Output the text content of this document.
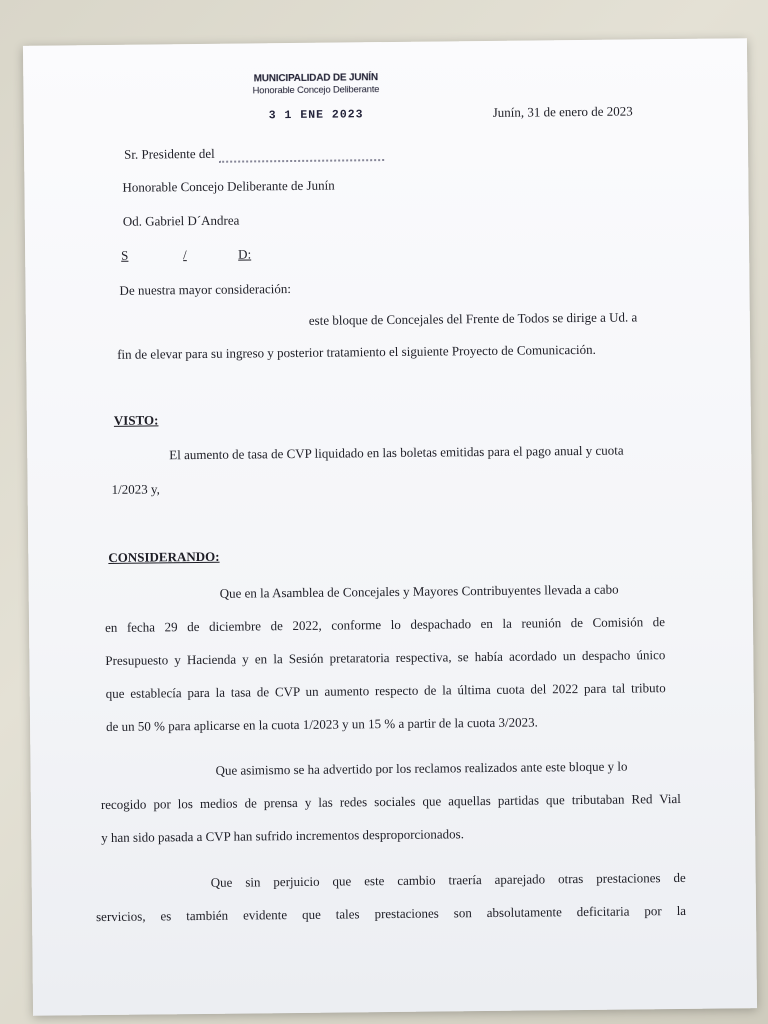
MUNICIPALIDAD DE JUNÍN
Honorable Concejo Deliberante
3 1 ENE 2023	Junín, 31 de enero de 2023
Sr. Presidente del
Honorable Concejo Deliberante de Junín
Od. Gabriel D´Andrea
S	/	D:
De nuestra mayor consideración:
este bloque de Concejales del Frente de Todos se dirige a Ud. a
fin de elevar para su ingreso y posterior tratamiento el siguiente Proyecto de Comunicación.
VISTO:
El aumento de tasa de CVP liquidado en las boletas emitidas para el pago anual y cuota
1/2023 y,
CONSIDERANDO:
Que en la Asamblea de Concejales y Mayores Contribuyentes llevada a cabo
en fecha 29 de diciembre de 2022, conforme lo despachado en la reunión de Comisión de
Presupuesto y Hacienda y en la Sesión pretaratoria respectiva, se había acordado un despacho único
que establecía para la tasa de CVP un aumento respecto de la última cuota del 2022 para tal tributo
de un 50 % para aplicarse en la cuota 1/2023 y un 15 % a partir de la cuota 3/2023.
Que asimismo se ha advertido por los reclamos realizados ante este bloque y lo
recogido por los medios de prensa y las redes sociales que aquellas partidas que tributaban Red Vial
y han sido pasada a CVP han sufrido incrementos desproporcionados.
Que sin perjuicio que este cambio traería aparejado otras prestaciones de
servicios, es también evidente que tales prestaciones son absolutamente deficitaria por la
